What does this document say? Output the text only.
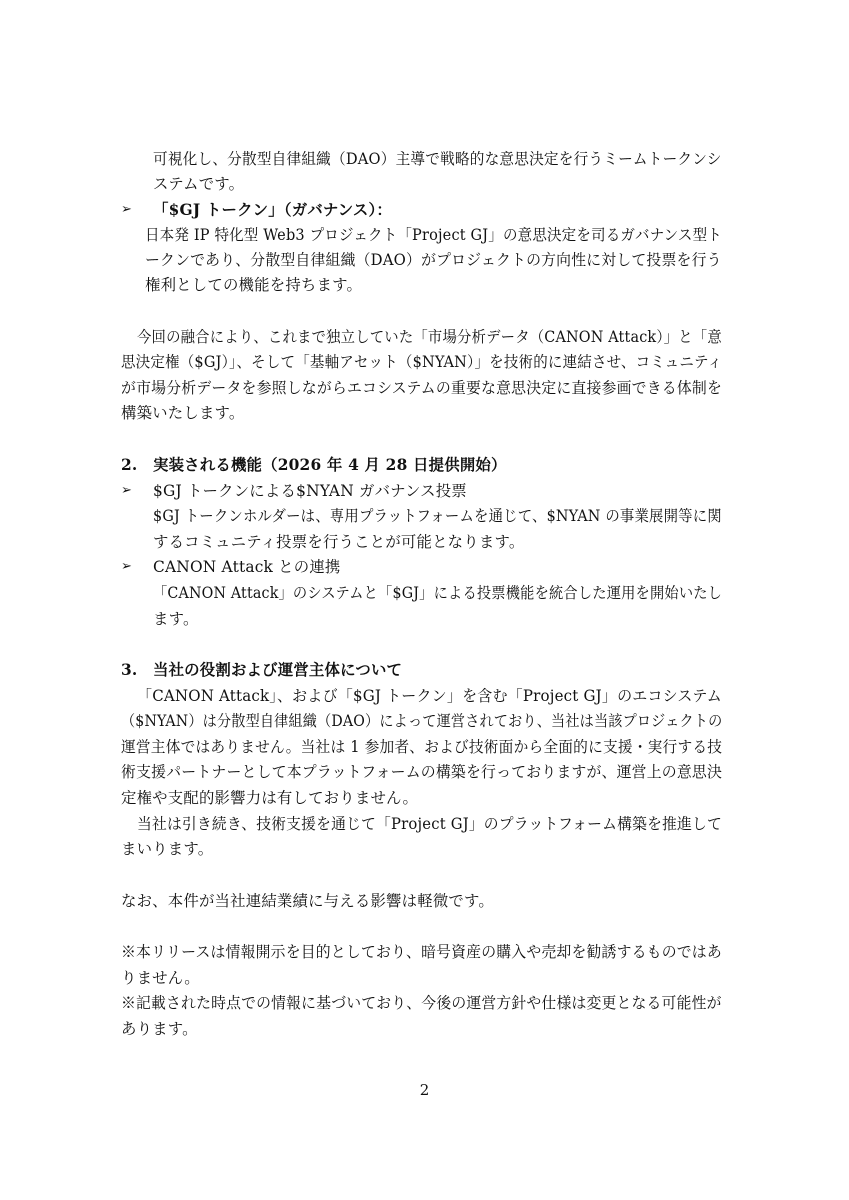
可視化し、分散型自律組織（DAO）主導で戦略的な意思決定を行うミームトークンシ
ステムです。
➢ 「$GJ トークン」（ガバナンス）：
日本発 IP 特化型 Web3 プロジェクト「Project GJ」の意思決定を司るガバナンス型ト
ークンであり、分散型自律組織（DAO）がプロジェクトの方向性に対して投票を行う
権利としての機能を持ちます。
今回の融合により、これまで独立していた「市場分析データ（CANON Attack）」と「意
思決定権（$GJ）」、そして「基軸アセット（$NYAN）」を技術的に連結させ、コミュニティ
が市場分析データを参照しながらエコシステムの重要な意思決定に直接参画できる体制を
構築いたします。
2. 実装される機能（2026 年 4 月 28 日提供開始）
➢ $GJ トークンによる$NYAN ガバナンス投票
$GJ トークンホルダーは、専用プラットフォームを通じて、$NYAN の事業展開等に関
するコミュニティ投票を行うことが可能となります。
➢ CANON Attack との連携
「CANON Attack」のシステムと「$GJ」による投票機能を統合した運用を開始いたし
ます。
3. 当社の役割および運営主体について
「CANON Attack」、および「$GJ トークン」を含む「Project GJ」のエコシステム
（$NYAN）は分散型自律組織（DAO）によって運営されており、当社は当該プロジェクトの
運営主体ではありません。当社は 1 参加者、および技術面から全面的に支援・実行する技
術支援パートナーとして本プラットフォームの構築を行っておりますが、運営上の意思決
定権や支配的影響力は有しておりません。
当社は引き続き、技術支援を通じて「Project GJ」のプラットフォーム構築を推進して
まいります。
なお、本件が当社連結業績に与える影響は軽微です。
※本リリースは情報開示を目的としており、暗号資産の購入や売却を勧誘するものではあ
りません。
※記載された時点での情報に基づいており、今後の運営方針や仕様は変更となる可能性が
あります。
2
